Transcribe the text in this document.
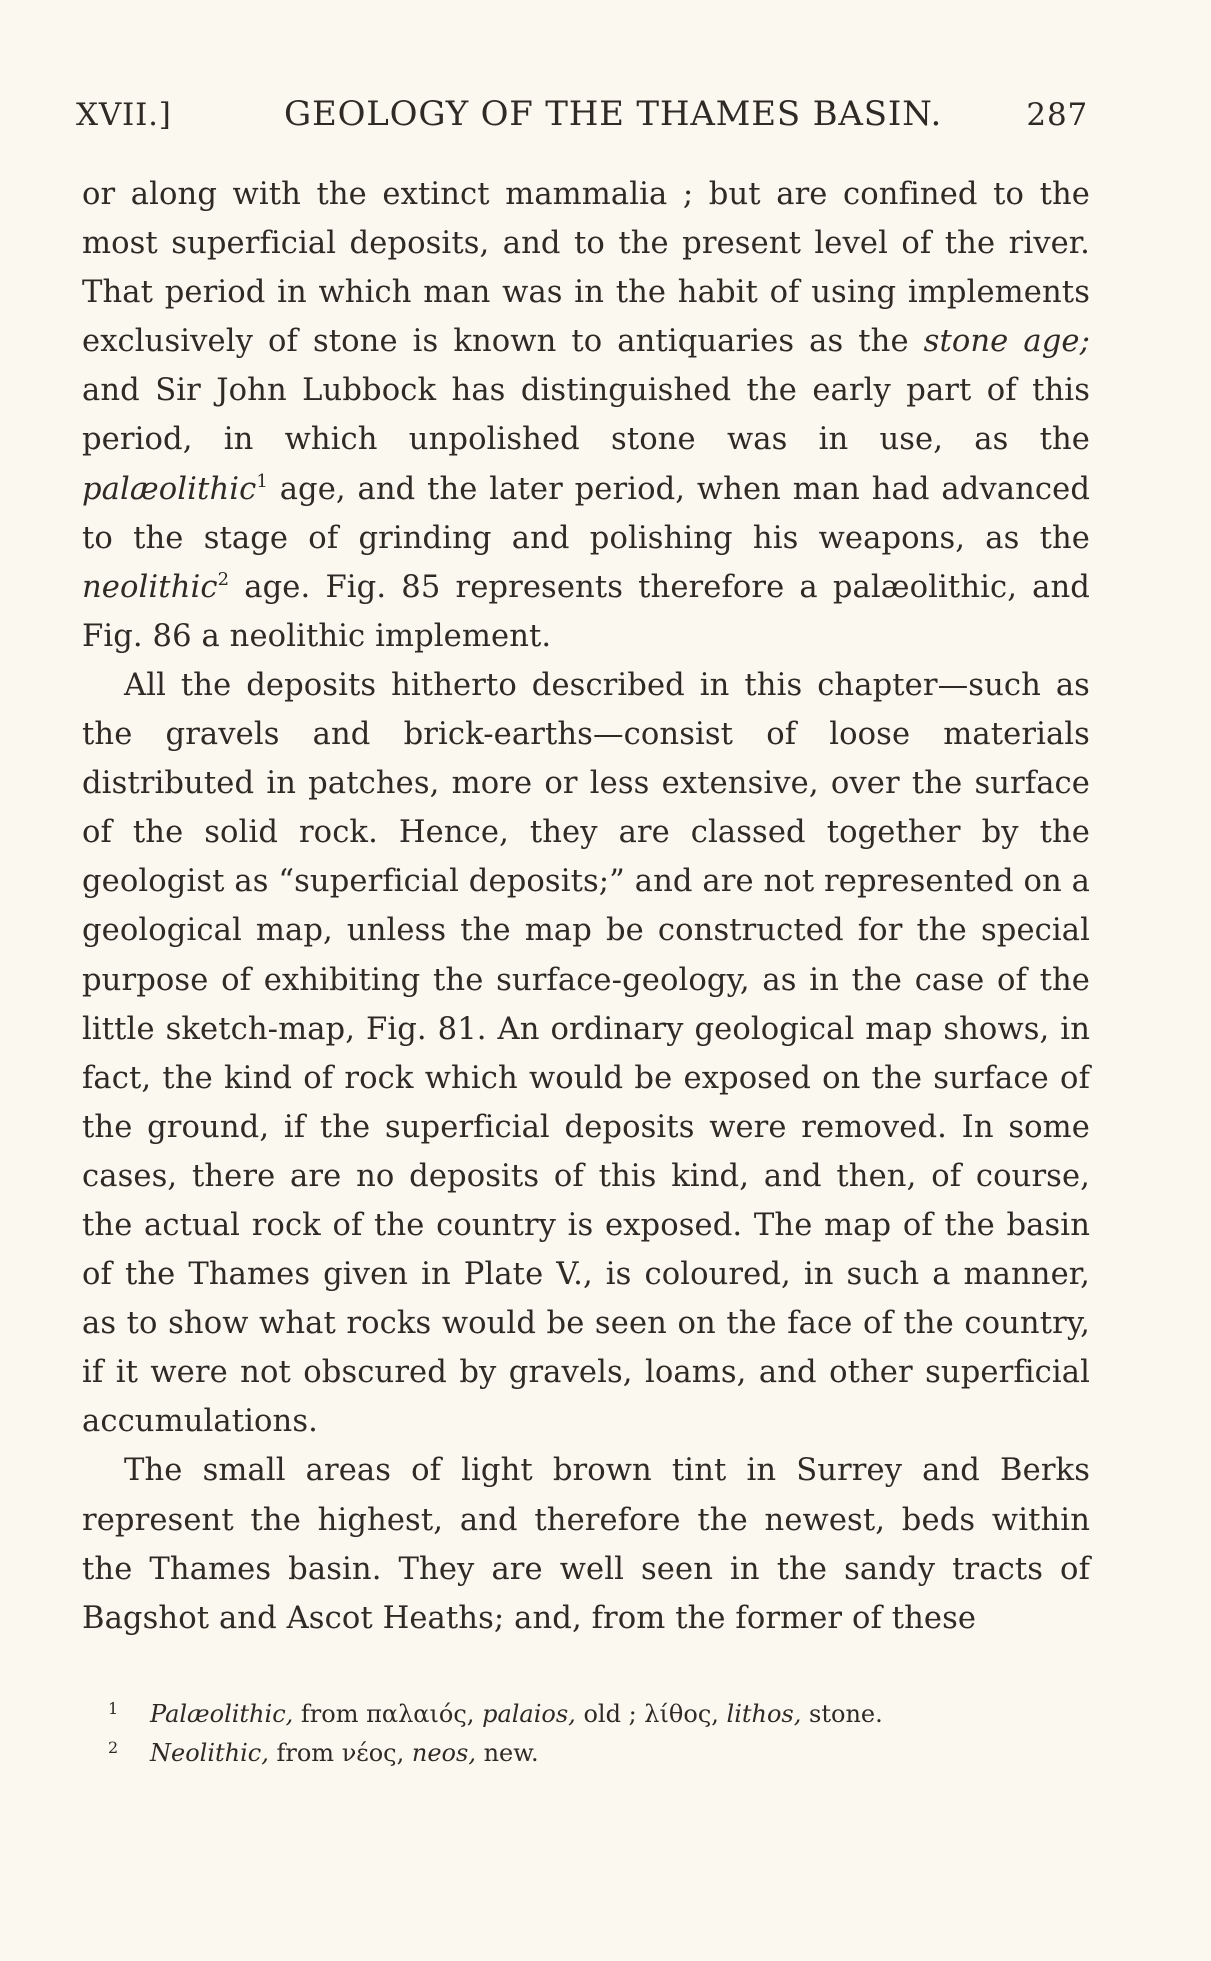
XVII.]	GEOLOGY OF THE THAMES BASIN.	287

or along with the extinct mammalia ; but are confined to the most superficial deposits, and to the present level of the river. That period in which man was in the habit of using implements exclusively of stone is known to antiquaries as the stone age; and Sir John Lubbock has distinguished the early part of this period, in which unpolished stone was in use, as the palæolithic$^1$ age, and the later period, when man had advanced to the stage of grinding and polishing his weapons, as the neolithic$^2$ age. Fig. 85 represents therefore a palæolithic, and Fig. 86 a neolithic implement.

All the deposits hitherto described in this chapter—such as the gravels and brick-earths—consist of loose materials distributed in patches, more or less extensive, over the surface of the solid rock. Hence, they are classed together by the geologist as “superficial deposits;” and are not represented on a geological map, unless the map be constructed for the special purpose of exhibiting the surface-geology, as in the case of the little sketch-map, Fig. 81. An ordinary geological map shows, in fact, the kind of rock which would be exposed on the surface of the ground, if the superficial deposits were removed. In some cases, there are no deposits of this kind, and then, of course, the actual rock of the country is exposed. The map of the basin of the Thames given in Plate V., is coloured, in such a manner, as to show what rocks would be seen on the face of the country, if it were not obscured by gravels, loams, and other superficial accumulations.

The small areas of light brown tint in Surrey and Berks represent the highest, and therefore the newest, beds within the Thames basin. They are well seen in the sandy tracts of Bagshot and Ascot Heaths; and, from the former of these

1	Palæolithic, from παλαιός, palaios, old ; λίθος, lithos, stone.
2	Neolithic, from νέος, neos, new.
